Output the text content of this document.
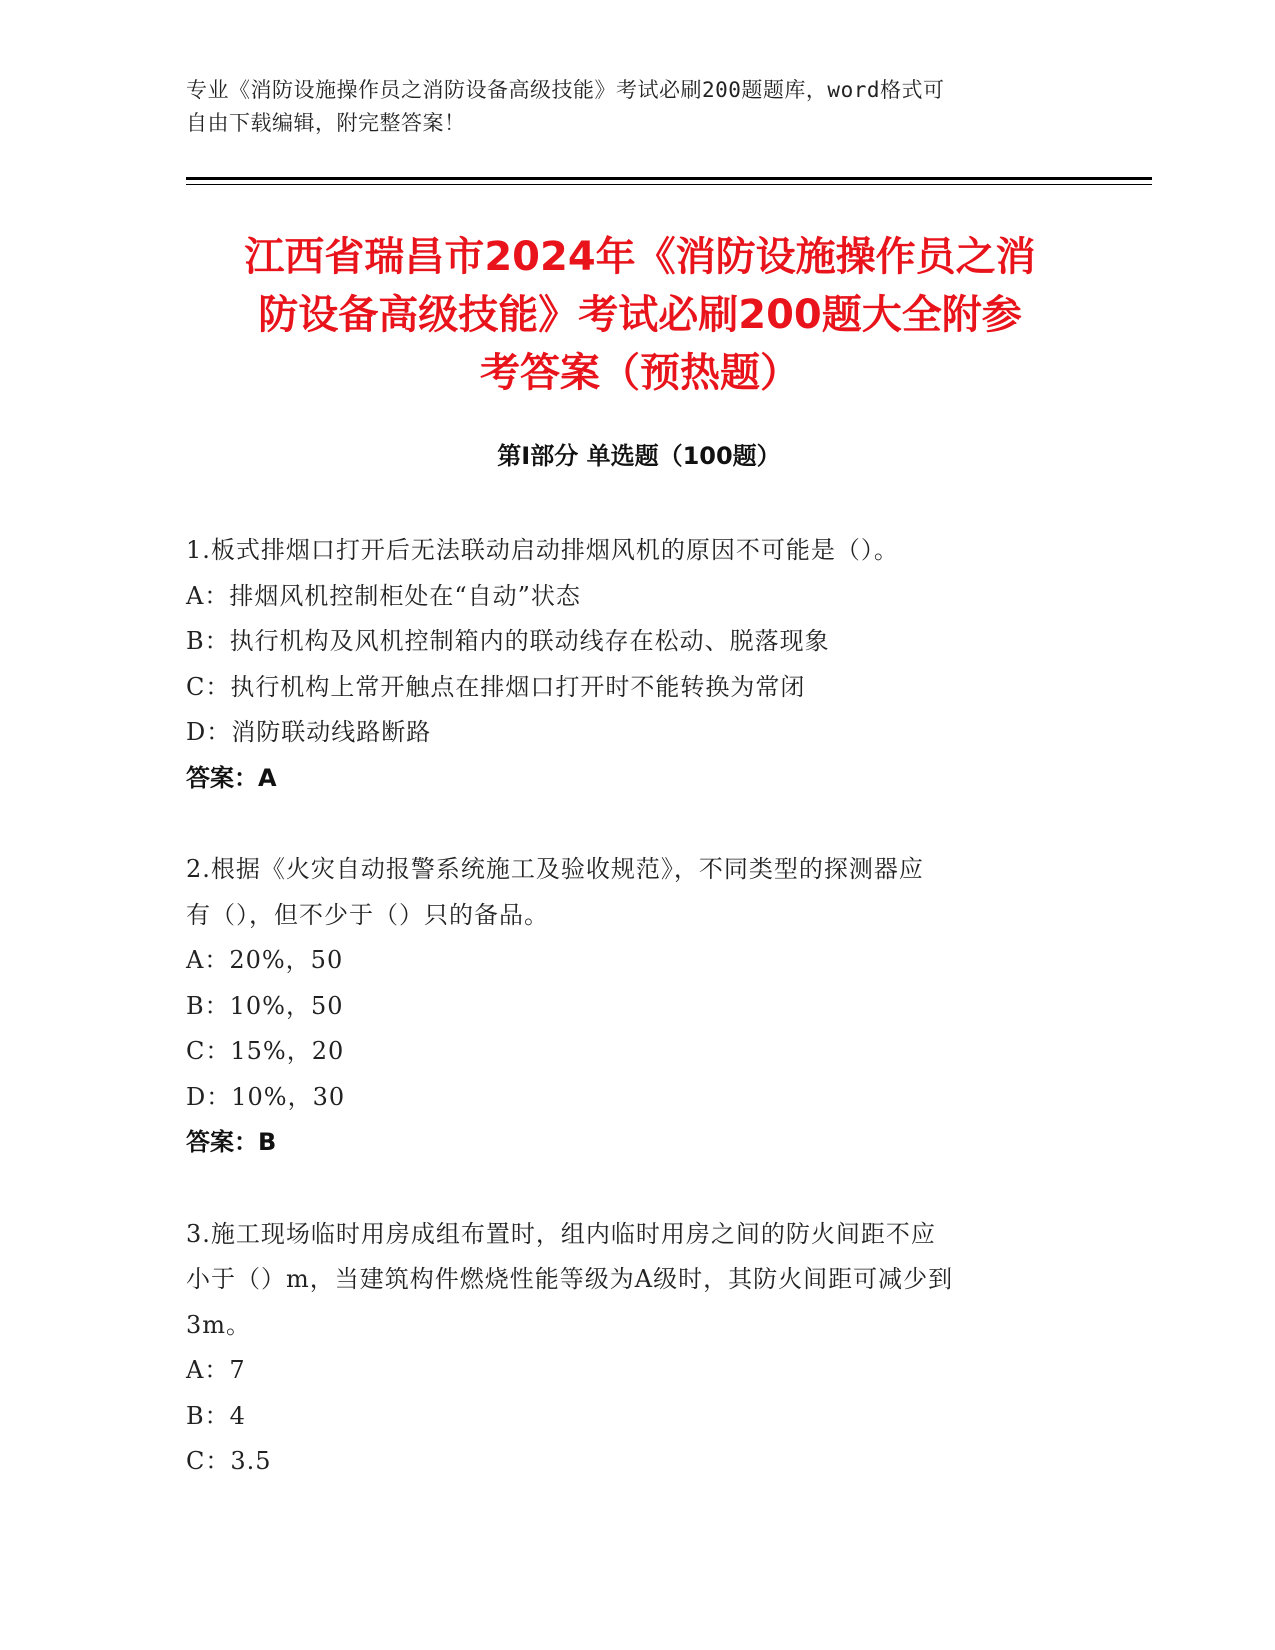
专业《消防设施操作员之消防设备高级技能》考试必刷200题题库，word格式可
自由下载编辑，附完整答案！
江西省瑞昌市2024年《消防设施操作员之消
防设备高级技能》考试必刷200题大全附参
考答案（预热题）
第Ⅰ部分 单选题（100题）

1.板式排烟口打开后无法联动启动排烟风机的原因不可能是（）。

A：排烟风机控制柜处在“自动”状态

B：执行机构及风机控制箱内的联动线存在松动、脱落现象

C：执行机构上常开触点在排烟口打开时不能转换为常闭

D：消防联动线路断路

答案：A

2.根据《火灾自动报警系统施工及验收规范》，不同类型的探测器应

有（），但不少于（）只的备品。

A：20%，50

B：10%，50

C：15%，20

D：10%，30

答案：B

3.施工现场临时用房成组布置时，组内临时用房之间的防火间距不应

小于（）m，当建筑构件燃烧性能等级为A级时，其防火间距可减少到

3m。

A：7

B：4

C：3.5
